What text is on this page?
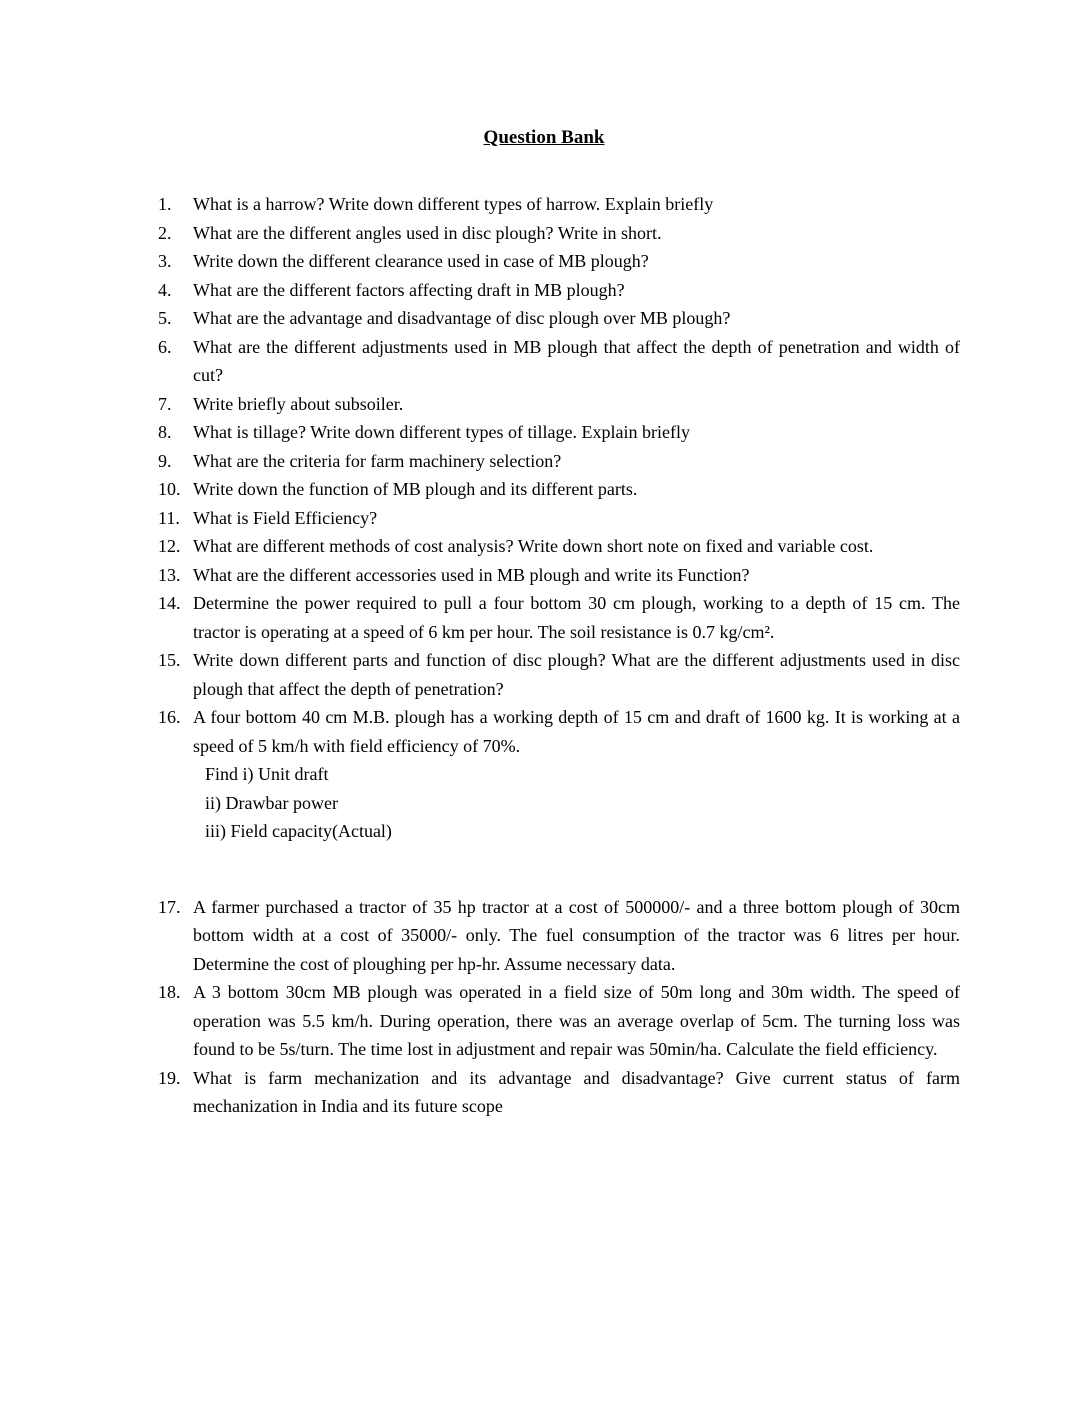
Question Bank
1.	What is a harrow? Write down different types of harrow. Explain briefly
2.	What are the different angles used in disc plough? Write in short.
3.	Write down the different clearance used in case of MB plough?
4.	What are the different factors affecting draft in MB plough?
5.	What are the advantage and disadvantage of disc plough over MB plough?
6.	What are the different adjustments used in MB plough that affect the depth of penetration and width of cut?
7.	Write briefly about subsoiler.
8.	What is tillage? Write down different types of tillage. Explain briefly
9.	What are the criteria for farm machinery selection?
10. Write down the function of MB plough and its different parts.
11. What is Field Efficiency?
12. What are different methods of cost analysis? Write down short note on fixed and variable cost.
13. What are the different accessories used in MB plough and write its Function?
14. Determine the power required to pull a four bottom 30 cm plough, working to a depth of 15 cm. The tractor is operating at a speed of 6 km per hour. The soil resistance is 0.7 kg/cm².
15. Write down different parts and function of disc plough? What are the different adjustments used in disc plough that affect the depth of penetration?
16. A four bottom 40 cm M.B. plough has a working depth of 15 cm and draft of 1600 kg. It is working at a speed of 5 km/h with field efficiency of 70%.
Find i) Unit draft
ii) Drawbar power
iii) Field capacity(Actual)
17. A farmer purchased a tractor of 35 hp tractor at a cost of 500000/- and a three bottom plough of 30cm bottom width at a cost of 35000/- only. The fuel consumption of the tractor was 6 litres per hour. Determine the cost of ploughing per hp-hr. Assume necessary data.
18. A 3 bottom 30cm MB plough was operated in a field size of 50m long and 30m width. The speed of operation was 5.5 km/h. During operation, there was an average overlap of 5cm. The turning loss was found to be 5s/turn. The time lost in adjustment and repair was 50min/ha. Calculate the field efficiency.
19. What is farm mechanization and its advantage and disadvantage? Give current status of farm mechanization in India and its future scope
